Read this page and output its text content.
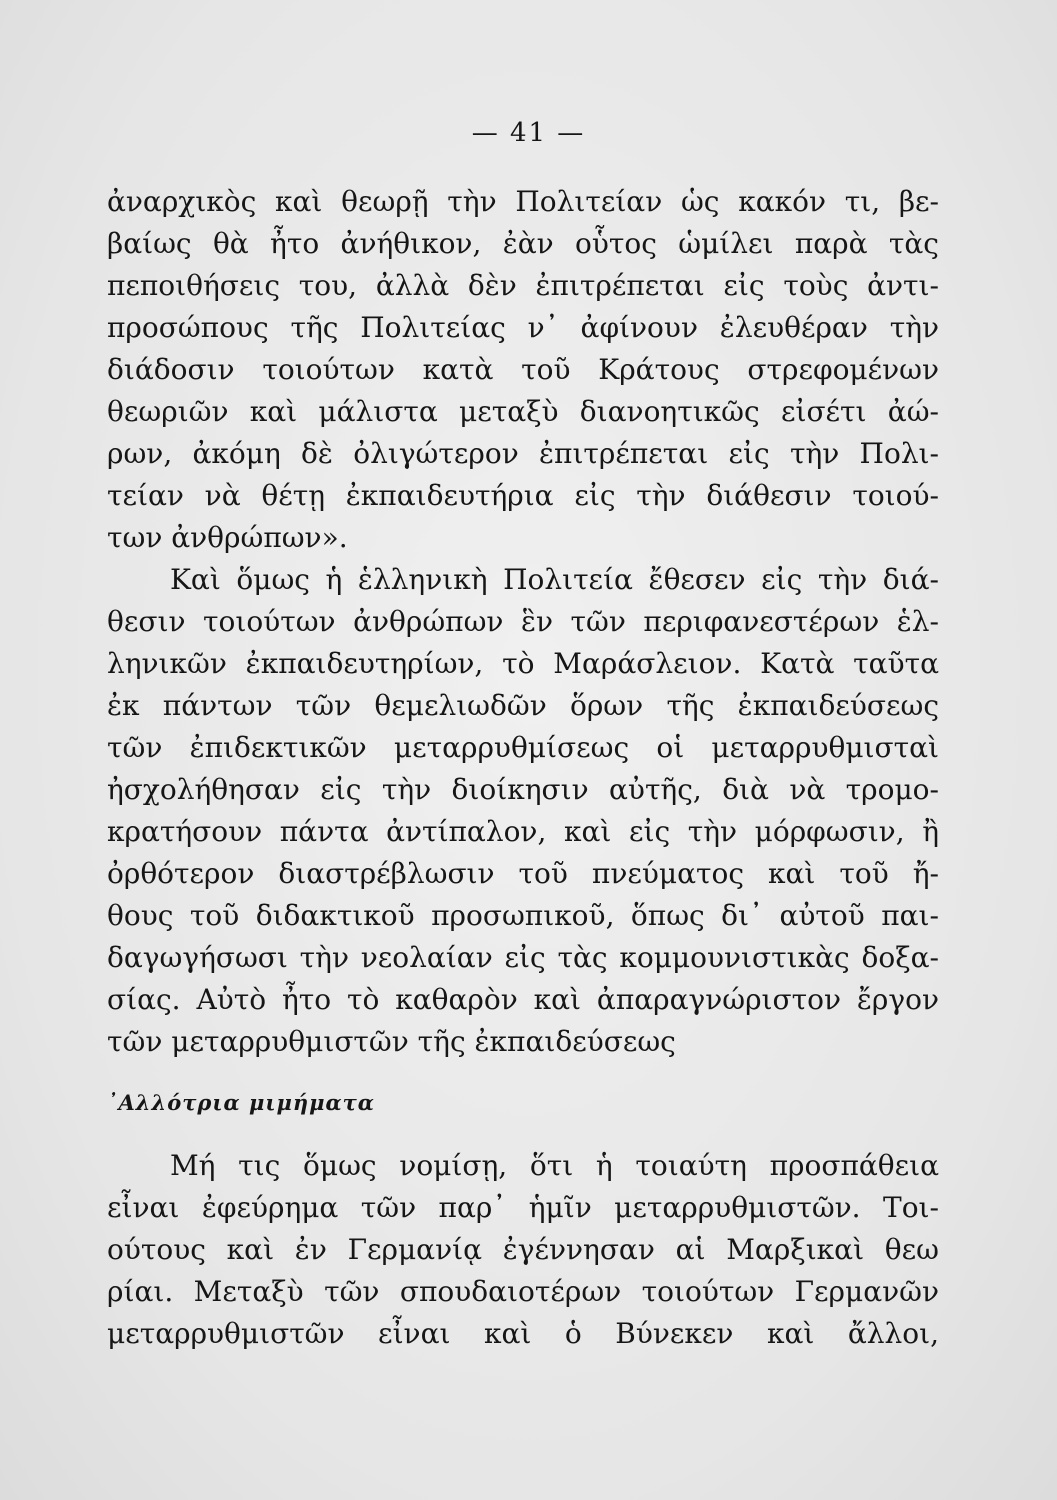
— 41 —
ἀναρχικὸς καὶ θεωρῇ τὴν Πολιτείαν ὡς κακόν τι, βε-
βαίως θὰ ἦτο ἀνήθικον, ἐὰν οὗτος ὡμίλει παρὰ τὰς
πεποιθήσεις του, ἀλλὰ δὲν ἐπιτρέπεται εἰς τοὺς ἀντι-
προσώπους τῆς Πολιτείας ν᾿ ἀφίνουν ἐλευθέραν τὴν
διάδοσιν τοιούτων κατὰ τοῦ Κράτους στρεφομένων
θεωριῶν καὶ μάλιστα μεταξὺ διανοητικῶς εἰσέτι ἀώ-
ρων, ἀκόμη δὲ ὀλιγώτερον ἐπιτρέπεται εἰς τὴν Πολι-
τείαν νὰ θέτῃ ἐκπαιδευτήρια εἰς τὴν διάθεσιν τοιού-
των ἀνθρώπων».
Καὶ ὅμως ἡ ἑλληνικὴ Πολιτεία ἔθεσεν εἰς τὴν διά-
θεσιν τοιούτων ἀνθρώπων ἓν τῶν περιφανεστέρων ἑλ-
ληνικῶν ἐκπαιδευτηρίων, τὸ Μαράσλειον. Κατὰ ταῦτα
ἐκ πάντων τῶν θεμελιωδῶν ὅρων τῆς ἐκπαιδεύσεως
τῶν ἐπιδεκτικῶν μεταρρυθμίσεως οἱ μεταρρυθμισταὶ
ἠσχολήθησαν εἰς τὴν διοίκησιν αὐτῆς, διὰ νὰ τρομο-
κρατήσουν πάντα ἀντίπαλον, καὶ εἰς τὴν μόρφωσιν, ἢ
ὀρθότερον διαστρέβλωσιν τοῦ πνεύματος καὶ τοῦ ἤ-
θους τοῦ διδακτικοῦ προσωπικοῦ, ὅπως δι᾿ αὐτοῦ παι-
δαγωγήσωσι τὴν νεολαίαν εἰς τὰς κομμουνιστικὰς δοξα-
σίας. Αὐτὸ ἦτο τὸ καθαρὸν καὶ ἀπαραγνώριστον ἔργον
τῶν μεταρρυθμιστῶν τῆς ἐκπαιδεύσεως
᾿Αλλότρια μιμήματα
Μή τις ὅμως νομίσῃ, ὅτι ἡ τοιαύτη προσπάθεια
εἶναι ἐφεύρημα τῶν παρ᾿ ἡμῖν μεταρρυθμιστῶν. Τοι-
ούτους καὶ ἐν Γερμανίᾳ ἐγέννησαν αἱ Μαρξικαὶ θεω
ρίαι. Μεταξὺ τῶν σπουδαιοτέρων τοιούτων Γερμανῶν
μεταρρυθμιστῶν εἶναι καὶ ὁ Βύνεκεν καὶ ἄλλοι,
